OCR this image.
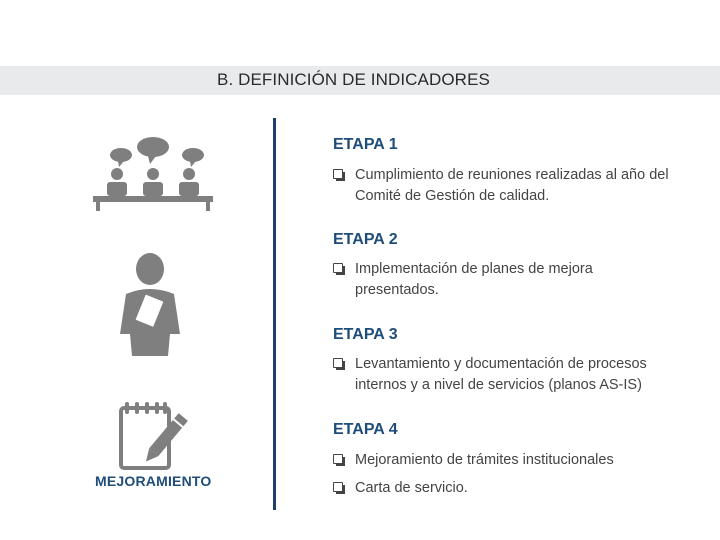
B. DEFINICIÓN DE INDICADORES
MEJORAMIENTO
ETAPA 1
Cumplimiento de reuniones realizadas al año del Comité de Gestión de calidad.
ETAPA 2
Implementación de planes de mejora presentados.
ETAPA 3
Levantamiento y documentación de procesos internos y a nivel de servicios (planos AS-IS)
ETAPA 4
Mejoramiento de trámites institucionales
Carta de servicio.
